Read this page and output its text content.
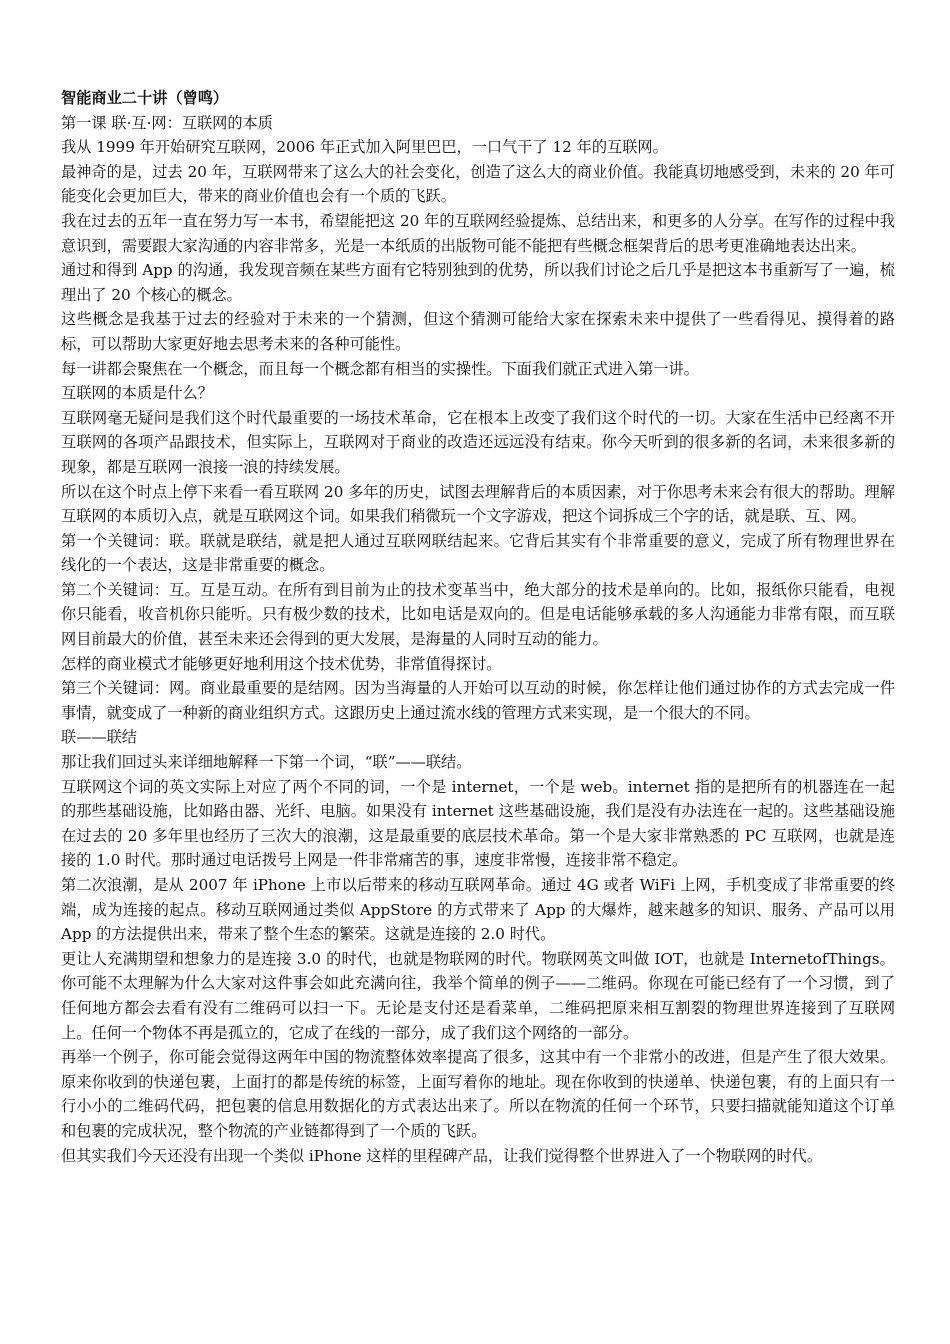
智能商业二十讲（曾鸣）

第一课 联·互·网：互联网的本质

我从 1999 年开始研究互联网，2006 年正式加入阿里巴巴，一口气干了 12 年的互联网。

最神奇的是，过去 20 年，互联网带来了这么大的社会变化，创造了这么大的商业价值。我能真切地感受到，未来的 20 年可能变化会更加巨大，带来的商业价值也会有一个质的飞跃。

我在过去的五年一直在努力写一本书，希望能把这 20 年的互联网经验提炼、总结出来，和更多的人分享。在写作的过程中我意识到，需要跟大家沟通的内容非常多，光是一本纸质的出版物可能不能把有些概念框架背后的思考更准确地表达出来。

通过和得到 App 的沟通，我发现音频在某些方面有它特别独到的优势，所以我们讨论之后几乎是把这本书重新写了一遍，梳理出了 20 个核心的概念。

这些概念是我基于过去的经验对于未来的一个猜测，但这个猜测可能给大家在探索未来中提供了一些看得见、摸得着的路标，可以帮助大家更好地去思考未来的各种可能性。

每一讲都会聚焦在一个概念，而且每一个概念都有相当的实操性。下面我们就正式进入第一讲。

互联网的本质是什么？

互联网毫无疑问是我们这个时代最重要的一场技术革命，它在根本上改变了我们这个时代的一切。大家在生活中已经离不开互联网的各项产品跟技术，但实际上，互联网对于商业的改造还远远没有结束。你今天听到的很多新的名词，未来很多新的现象，都是互联网一浪接一浪的持续发展。

所以在这个时点上停下来看一看互联网 20 多年的历史，试图去理解背后的本质因素，对于你思考未来会有很大的帮助。理解互联网的本质切入点，就是互联网这个词。如果我们稍微玩一个文字游戏，把这个词拆成三个字的话，就是联、互、网。

第一个关键词：联。联就是联结，就是把人通过互联网联结起来。它背后其实有个非常重要的意义，完成了所有物理世界在线化的一个表达，这是非常重要的概念。

第二个关键词：互。互是互动。在所有到目前为止的技术变革当中，绝大部分的技术是单向的。比如，报纸你只能看，电视你只能看，收音机你只能听。只有极少数的技术，比如电话是双向的。但是电话能够承载的多人沟通能力非常有限，而互联网目前最大的价值，甚至未来还会得到的更大发展，是海量的人同时互动的能力。

怎样的商业模式才能够更好地利用这个技术优势，非常值得探讨。

第三个关键词：网。商业最重要的是结网。因为当海量的人开始可以互动的时候，你怎样让他们通过协作的方式去完成一件事情，就变成了一种新的商业组织方式。这跟历史上通过流水线的管理方式来实现，是一个很大的不同。

联——联结

那让我们回过头来详细地解释一下第一个词，“联”——联结。

互联网这个词的英文实际上对应了两个不同的词，一个是 internet，一个是 web。internet 指的是把所有的机器连在一起的那些基础设施，比如路由器、光纤、电脑。如果没有 internet 这些基础设施，我们是没有办法连在一起的。这些基础设施在过去的 20 多年里也经历了三次大的浪潮，这是最重要的底层技术革命。第一个是大家非常熟悉的 PC 互联网，也就是连接的 1.0 时代。那时通过电话拨号上网是一件非常痛苦的事，速度非常慢，连接非常不稳定。

第二次浪潮，是从 2007 年 iPhone 上市以后带来的移动互联网革命。通过 4G 或者 WiFi 上网，手机变成了非常重要的终端，成为连接的起点。移动互联网通过类似 AppStore 的方式带来了 App 的大爆炸，越来越多的知识、服务、产品可以用 App 的方法提供出来，带来了整个生态的繁荣。这就是连接的 2.0 时代。

更让人充满期望和想象力的是连接 3.0 的时代，也就是物联网的时代。物联网英文叫做 IOT，也就是 InternetofThings。你可能不太理解为什么大家对这件事会如此充满向往，我举个简单的例子——二维码。你现在可能已经有了一个习惯，到了任何地方都会去看有没有二维码可以扫一下。无论是支付还是看菜单，二维码把原来相互割裂的物理世界连接到了互联网上。任何一个物体不再是孤立的，它成了在线的一部分，成了我们这个网络的一部分。

再举一个例子，你可能会觉得这两年中国的物流整体效率提高了很多，这其中有一个非常小的改进，但是产生了很大效果。原来你收到的快递包裹，上面打的都是传统的标签，上面写着你的地址。现在你收到的快递单、快递包裹，有的上面只有一行小小的二维码代码，把包裹的信息用数据化的方式表达出来了。所以在物流的任何一个环节，只要扫描就能知道这个订单和包裹的完成状况，整个物流的产业链都得到了一个质的飞跃。

但其实我们今天还没有出现一个类似 iPhone 这样的里程碑产品，让我们觉得整个世界进入了一个物联网的时代。
